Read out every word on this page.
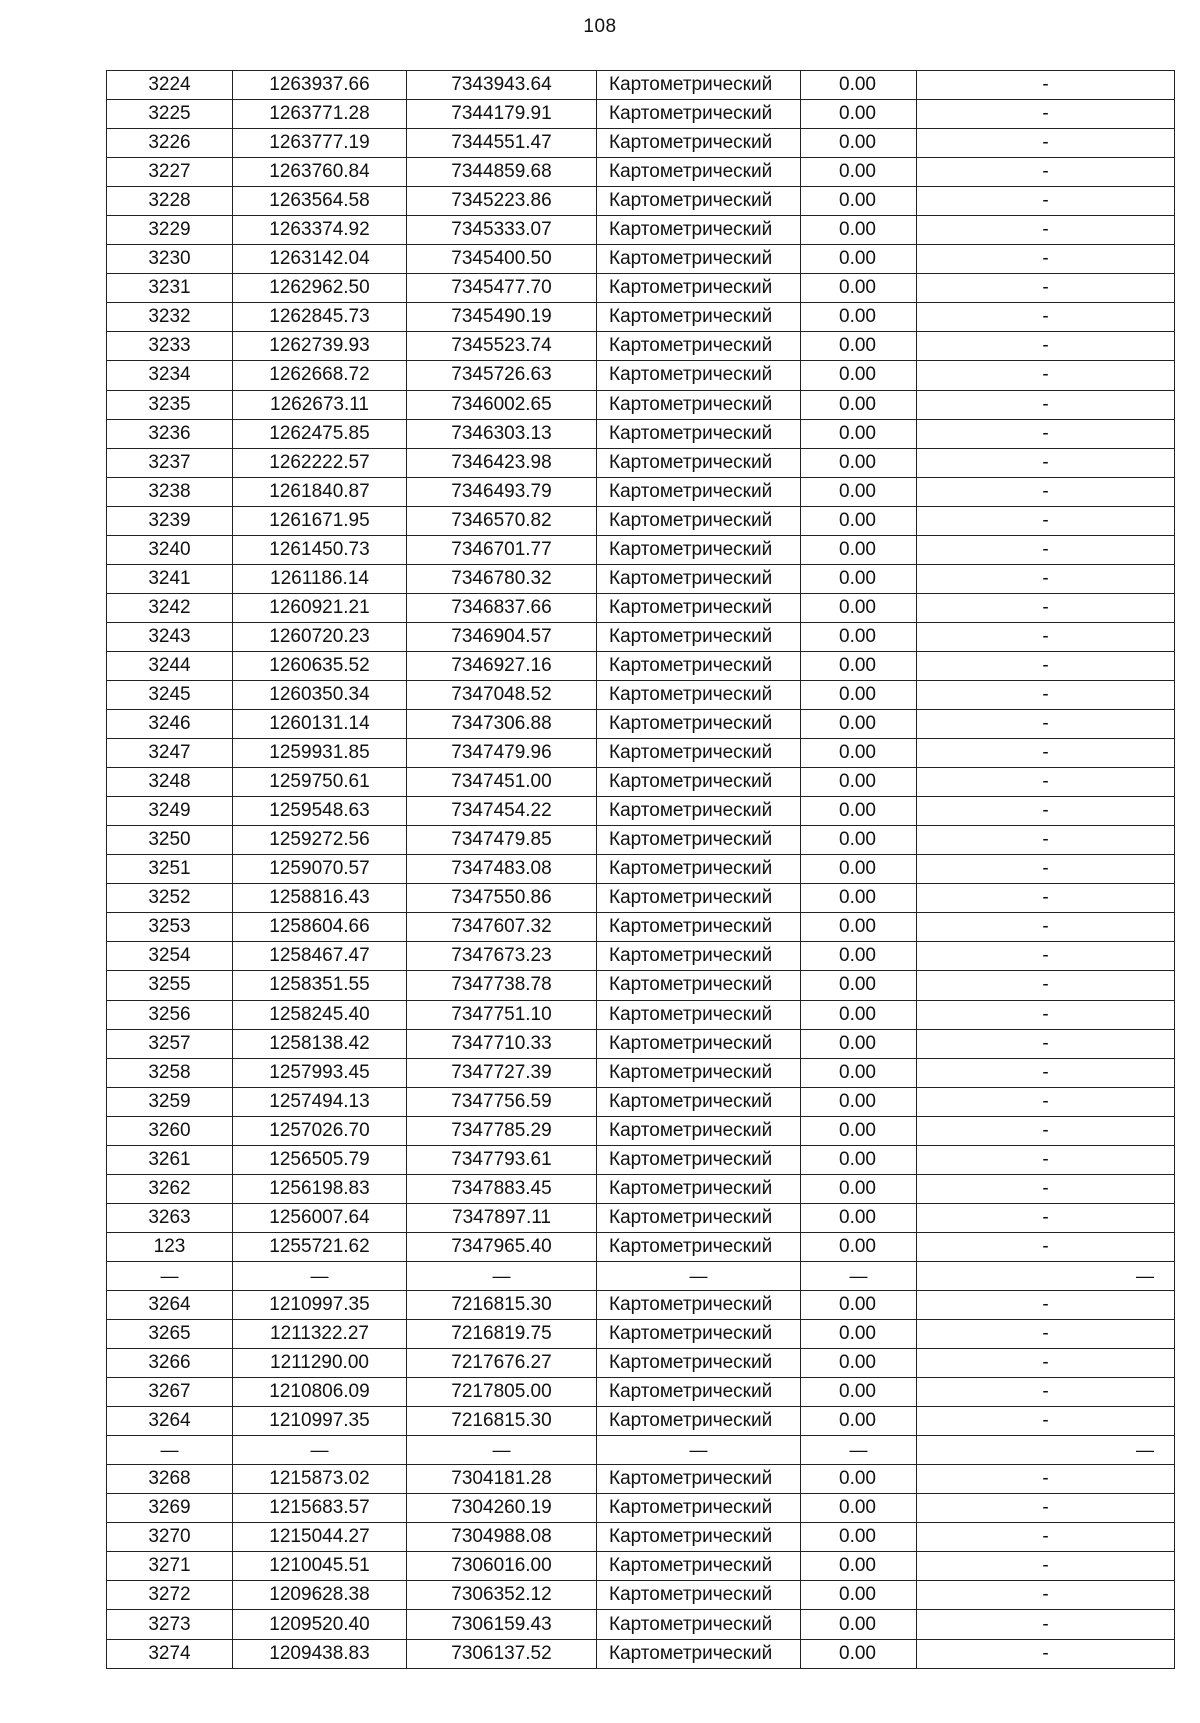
108
3224	1263937.66	7343943.64	Картометрический	0.00	-
3225	1263771.28	7344179.91	Картометрический	0.00	-
3226	1263777.19	7344551.47	Картометрический	0.00	-
3227	1263760.84	7344859.68	Картометрический	0.00	-
3228	1263564.58	7345223.86	Картометрический	0.00	-
3229	1263374.92	7345333.07	Картометрический	0.00	-
3230	1263142.04	7345400.50	Картометрический	0.00	-
3231	1262962.50	7345477.70	Картометрический	0.00	-
3232	1262845.73	7345490.19	Картометрический	0.00	-
3233	1262739.93	7345523.74	Картометрический	0.00	-
3234	1262668.72	7345726.63	Картометрический	0.00	-
3235	1262673.11	7346002.65	Картометрический	0.00	-
3236	1262475.85	7346303.13	Картометрический	0.00	-
3237	1262222.57	7346423.98	Картометрический	0.00	-
3238	1261840.87	7346493.79	Картометрический	0.00	-
3239	1261671.95	7346570.82	Картометрический	0.00	-
3240	1261450.73	7346701.77	Картометрический	0.00	-
3241	1261186.14	7346780.32	Картометрический	0.00	-
3242	1260921.21	7346837.66	Картометрический	0.00	-
3243	1260720.23	7346904.57	Картометрический	0.00	-
3244	1260635.52	7346927.16	Картометрический	0.00	-
3245	1260350.34	7347048.52	Картометрический	0.00	-
3246	1260131.14	7347306.88	Картометрический	0.00	-
3247	1259931.85	7347479.96	Картометрический	0.00	-
3248	1259750.61	7347451.00	Картометрический	0.00	-
3249	1259548.63	7347454.22	Картометрический	0.00	-
3250	1259272.56	7347479.85	Картометрический	0.00	-
3251	1259070.57	7347483.08	Картометрический	0.00	-
3252	1258816.43	7347550.86	Картометрический	0.00	-
3253	1258604.66	7347607.32	Картометрический	0.00	-
3254	1258467.47	7347673.23	Картометрический	0.00	-
3255	1258351.55	7347738.78	Картометрический	0.00	-
3256	1258245.40	7347751.10	Картометрический	0.00	-
3257	1258138.42	7347710.33	Картометрический	0.00	-
3258	1257993.45	7347727.39	Картометрический	0.00	-
3259	1257494.13	7347756.59	Картометрический	0.00	-
3260	1257026.70	7347785.29	Картометрический	0.00	-
3261	1256505.79	7347793.61	Картометрический	0.00	-
3262	1256198.83	7347883.45	Картометрический	0.00	-
3263	1256007.64	7347897.11	Картометрический	0.00	-
123	1255721.62	7347965.40	Картометрический	0.00	-
—	—	—	—	—	—
3264	1210997.35	7216815.30	Картометрический	0.00	-
3265	1211322.27	7216819.75	Картометрический	0.00	-
3266	1211290.00	7217676.27	Картометрический	0.00	-
3267	1210806.09	7217805.00	Картометрический	0.00	-
3264	1210997.35	7216815.30	Картометрический	0.00	-
—	—	—	—	—	—
3268	1215873.02	7304181.28	Картометрический	0.00	-
3269	1215683.57	7304260.19	Картометрический	0.00	-
3270	1215044.27	7304988.08	Картометрический	0.00	-
3271	1210045.51	7306016.00	Картометрический	0.00	-
3272	1209628.38	7306352.12	Картометрический	0.00	-
3273	1209520.40	7306159.43	Картометрический	0.00	-
3274	1209438.83	7306137.52	Картометрический	0.00	-
